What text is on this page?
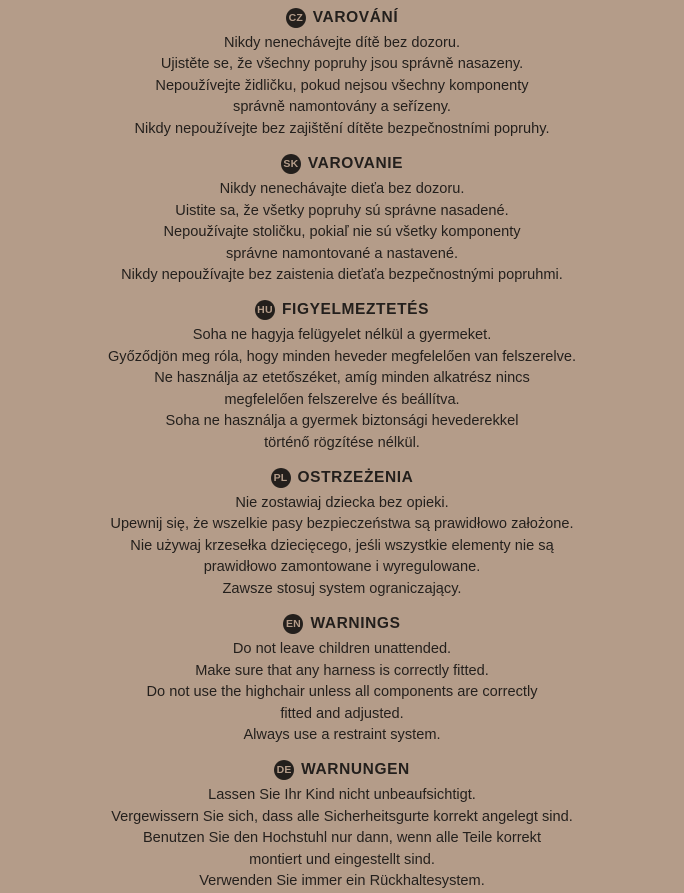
CZ VAROVÁNÍ
Nikdy nenechávejte dítě bez dozoru.
Ujistěte se, že všechny popruhy jsou správně nasazeny.
Nepoužívejte židličku, pokud nejsou všechny komponenty
správně namontovány a seřízeny.
Nikdy nepoužívejte bez zajištění dítěte bezpečnostními popruhy.
SK VAROVANIE
Nikdy nenechávajte dieťa bez dozoru.
Uistite sa, že všetky popruhy sú správne nasadené.
Nepoužívajte stoličku, pokiaľ nie sú všetky komponenty
správne namontované a nastavené.
Nikdy nepoužívajte bez zaistenia dieťaťa bezpečnostnými popruhmi.
HU FIGYELMEZTETÉS
Soha ne hagyja felügyelet nélkül a gyermeket.
Győződjön meg róla, hogy minden heveder megfelelően van felszerelve.
Ne használja az etetőszéket, amíg minden alkatrész nincs
megfelelően felszerelve és beállítva.
Soha ne használja a gyermek biztonsági hevederekkel
történő rögzítése nélkül.
PL OSTRZEŻENIA
Nie zostawiaj dziecka bez opieki.
Upewnij się, że wszelkie pasy bezpieczeństwa są prawidłowo założone.
Nie używaj krzesełka dziecięcego, jeśli wszystkie elementy nie są
prawidłowo zamontowane i wyregulowane.
Zawsze stosuj system ograniczający.
EN WARNINGS
Do not leave children unattended.
Make sure that any harness is correctly fitted.
Do not use the highchair unless all components are correctly
fitted and adjusted.
Always use a restraint system.
DE WARNUNGEN
Lassen Sie Ihr Kind nicht unbeaufsichtigt.
Vergewissern Sie sich, dass alle Sicherheitsgurte korrekt angelegt sind.
Benutzen Sie den Hochstuhl nur dann, wenn alle Teile korrekt
montiert und eingestellt sind.
Verwenden Sie immer ein Rückhaltesystem.
